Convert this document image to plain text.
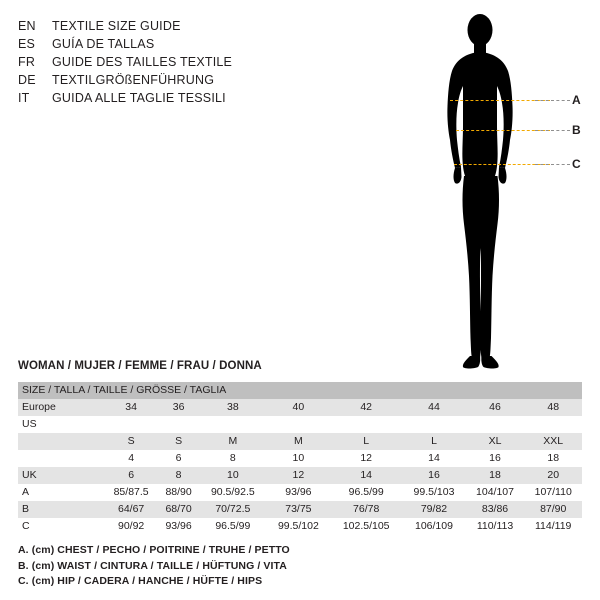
EN	TEXTILE SIZE GUIDE
ES	GUÍA DE TALLAS
FR	GUIDE DES TAILLES TEXTILE
DE	TEXTILGRÖßENFÜHRUNG
IT	GUIDA ALLE TAGLIE TESSILI	A
B
C
WOMAN / MUJER / FEMME / FRAU / DONNA
SIZE / TALLA / TAILLE / GRÖSSE / TAGLIA								
Europe	34	36	38	40	42	44	46	48
US								
	S	S	M	M	L	L	XL	XXL
	4	6	8	10	12	14	16	18
UK	6	8	10	12	14	16	18	20
A	85/87.5	88/90	90.5/92.5	93/96	96.5/99	99.5/103	104/107	107/110
B	64/67	68/70	70/72.5	73/75	76/78	79/82	83/86	87/90
C	90/92	93/96	96.5/99	99.5/102	102.5/105	106/109	110/113	114/119
A. (cm) CHEST / PECHO / POITRINE / TRUHE / PETTO
B. (cm) WAIST / CINTURA / TAILLE / HÜFTUNG / VITA
C. (cm) HIP / CADERA / HANCHE / HÜFTE / HIPS
